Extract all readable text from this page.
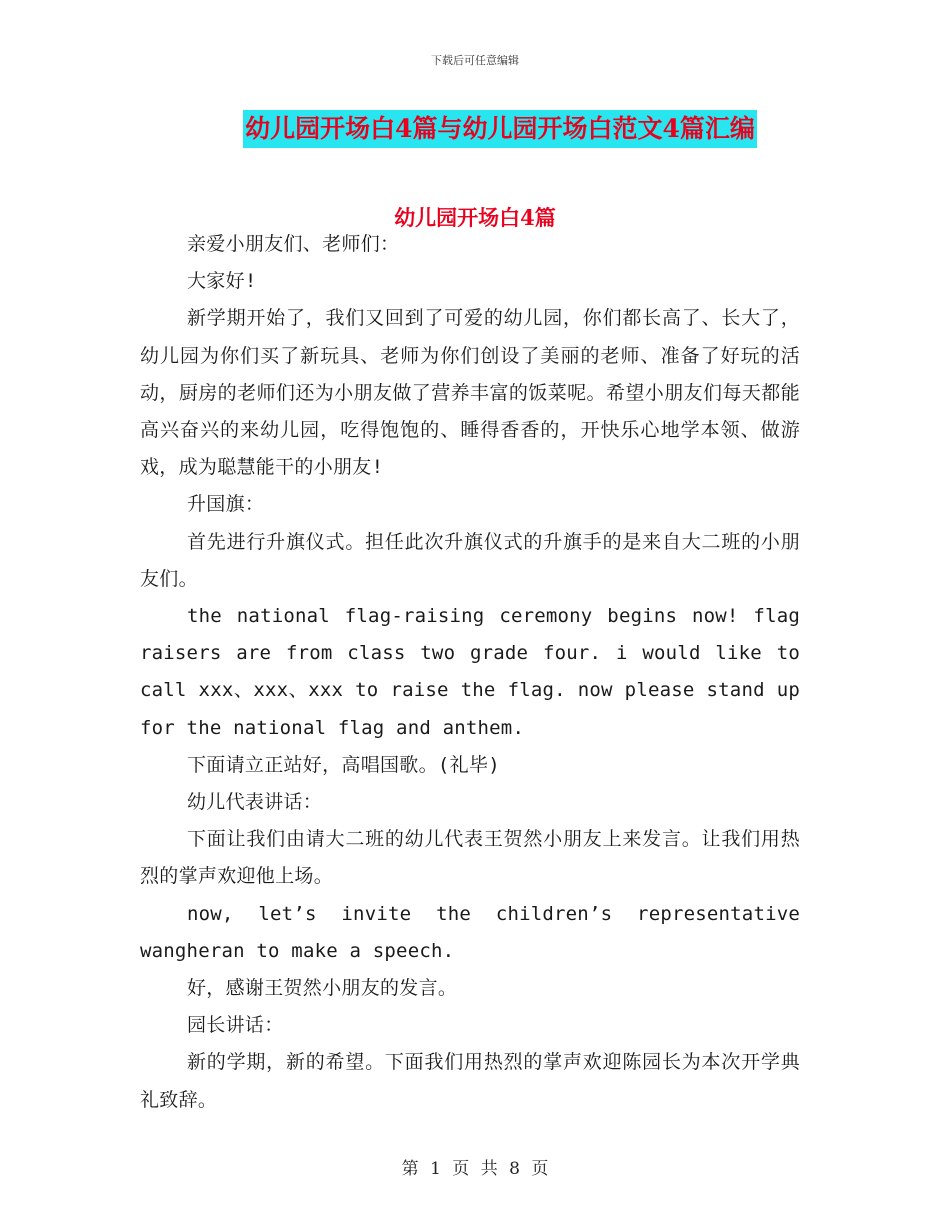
下载后可任意编辑
幼儿园开场白4篇与幼儿园开场白范文4篇汇编
幼儿园开场白4篇

亲爱小朋友们、老师们：

大家好!

新学期开始了，我们又回到了可爱的幼儿园，你们都长高了、长大了，幼儿园为你们买了新玩具、老师为你们创设了美丽的老师、准备了好玩的活动，厨房的老师们还为小朋友做了营养丰富的饭菜呢。希望小朋友们每天都能高兴奋兴的来幼儿园，吃得饱饱的、睡得香香的，开快乐心地学本领、做游戏，成为聪慧能干的小朋友!

升国旗：

首先进行升旗仪式。担任此次升旗仪式的升旗手的是来自大二班的小朋友们。

the national flag-raising ceremony begins now! flag raisers are from class two grade four. i would like to call xxx、xxx、xxx to raise the flag. now please stand up for the national flag and anthem.

下面请立正站好，高唱国歌。(礼毕)

幼儿代表讲话：

下面让我们由请大二班的幼儿代表王贺然小朋友上来发言。让我们用热烈的掌声欢迎他上场。

now, let’s invite the children’s representative wangheran to make a speech.

好，感谢王贺然小朋友的发言。

园长讲话：

新的学期，新的希望。下面我们用热烈的掌声欢迎陈园长为本次开学典礼致辞。

第 1 页 共 8 页
